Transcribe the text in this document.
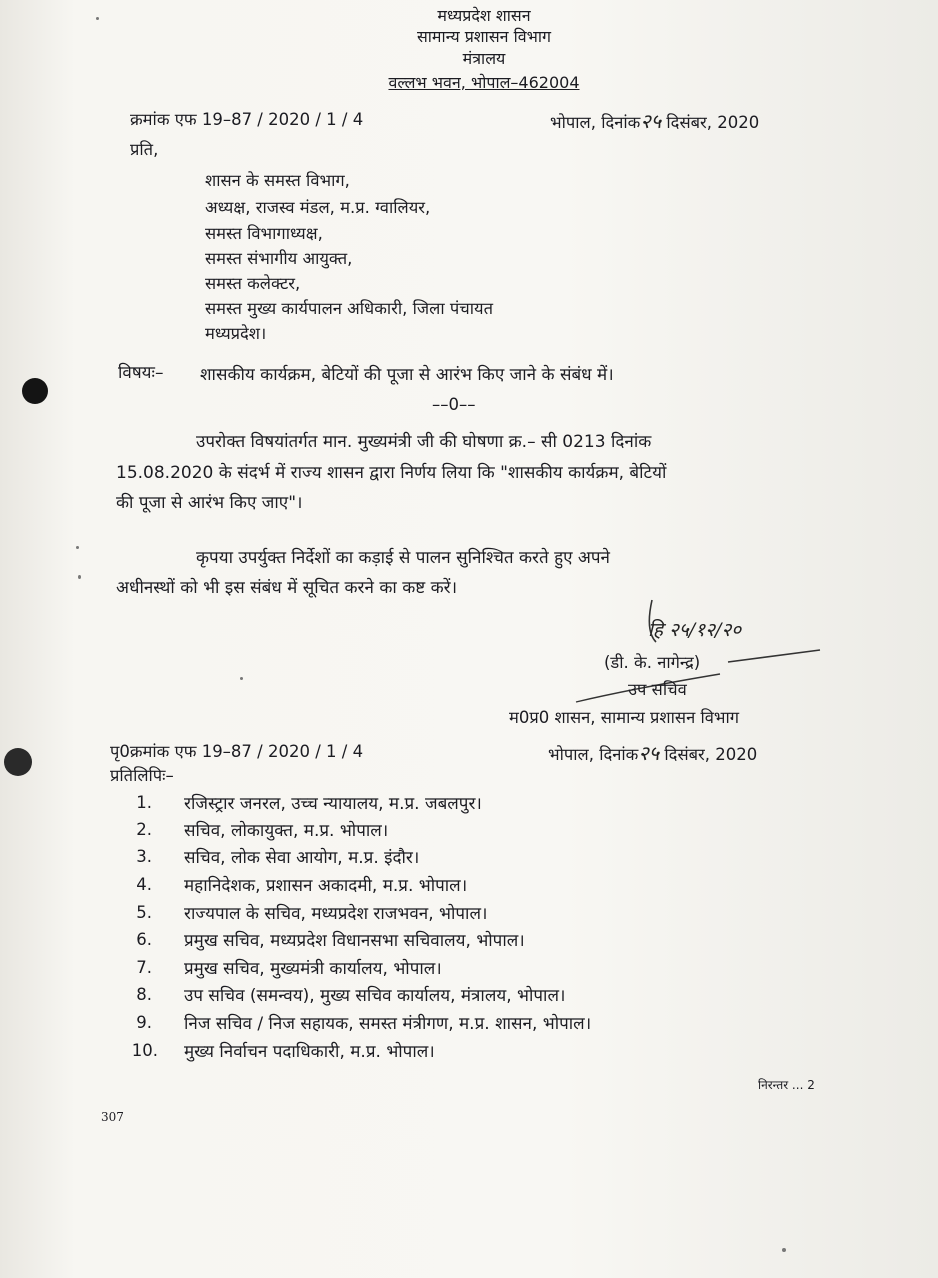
मध्यप्रदेश शासन
सामान्य प्रशासन विभाग
मंत्रालय
वल्लभ भवन, भोपाल–462004
क्रमांक एफ 19–87 / 2020 / 1 / 4	भोपाल, दिनांक२५ दिसंबर, 2020
प्रति,
शासन के समस्त विभाग,
अध्यक्ष, राजस्व मंडल, म.प्र. ग्वालियर,
समस्त विभागाध्यक्ष,
समस्त संभागीय आयुक्त,
समस्त कलेक्टर,
समस्त मुख्य कार्यपालन अधिकारी, जिला पंचायत
मध्यप्रदेश।
विषयः– शासकीय कार्यक्रम, बेटियों की पूजा से आरंभ किए जाने के संबंध में।
––0––
उपरोक्त विषयांतर्गत मान. मुख्यमंत्री जी की घोषणा क्र.– सी 0213 दिनांक
15.08.2020 के संदर्भ में राज्य शासन द्वारा निर्णय लिया कि "शासकीय कार्यक्रम, बेटियों
की पूजा से आरंभ किए जाए"।
कृपया उपर्युक्त निर्देशों का कड़ाई से पालन सुनिश्चित करते हुए अपने
अधीनस्थों को भी इस संबंध में सूचित करने का कष्ट करें।
हि २५/१२/२०
(डी. के. नागेन्द्र)
उप सचिव
म0प्र0 शासन, सामान्य प्रशासन विभाग
पृ0क्रमांक एफ 19–87 / 2020 / 1 / 4	भोपाल, दिनांक२५ दिसंबर, 2020
प्रतिलिपिः–
1. रजिस्ट्रार जनरल, उच्च न्यायालय, म.प्र. जबलपुर।
2. सचिव, लोकायुक्त, म.प्र. भोपाल।
3. सचिव, लोक सेवा आयोग, म.प्र. इंदौर।
4. महानिदेशक, प्रशासन अकादमी, म.प्र. भोपाल।
5. राज्यपाल के सचिव, मध्यप्रदेश राजभवन, भोपाल।
6. प्रमुख सचिव, मध्यप्रदेश विधानसभा सचिवालय, भोपाल।
7. प्रमुख सचिव, मुख्यमंत्री कार्यालय, भोपाल।
8. उप सचिव (समन्वय), मुख्य सचिव कार्यालय, मंत्रालय, भोपाल।
9. निज सचिव / निज सहायक, समस्त मंत्रीगण, म.प्र. शासन, भोपाल।
10. मुख्य निर्वाचन पदाधिकारी, म.प्र. भोपाल।
निरन्तर ... 2
307
